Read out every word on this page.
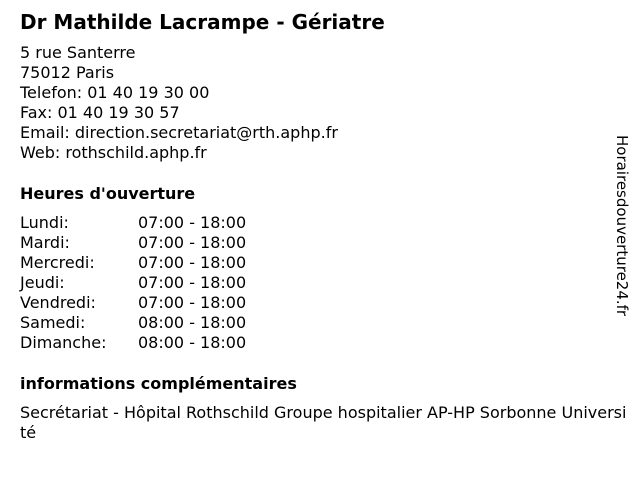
Dr Mathilde Lacrampe - Gériatre
5 rue Santerre
75012 Paris
Telefon: 01 40 19 30 00
Fax: 01 40 19 30 57
Email: direction.secretariat@rth.aphp.fr
Web: rothschild.aphp.fr
Heures d'ouverture
Lundi:	07:00 - 18:00
Mardi:	07:00 - 18:00
Mercredi:	07:00 - 18:00
Jeudi:	07:00 - 18:00
Vendredi:	07:00 - 18:00
Samedi:	08:00 - 18:00
Dimanche:	08:00 - 18:00
informations complémentaires
Secrétariat - Hôpital Rothschild Groupe hospitalier AP-HP Sorbonne Université
Horairesdouverture24.fr
